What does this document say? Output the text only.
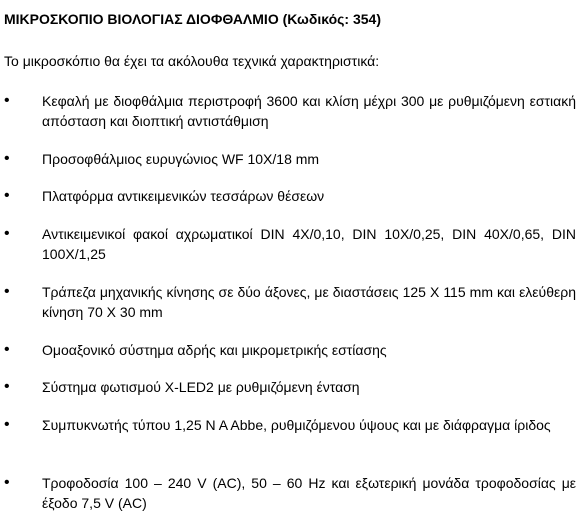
ΜΙΚΡΟΣΚΟΠΙΟ ΒΙΟΛΟΓΙΑΣ ΔΙΟΦΘΑΛΜΙΟ (Κωδικός: 354)

Το μικροσκόπιο θα έχει τα ακόλουθα τεχνικά χαρακτηριστικά:

•	Κεφαλή με διοφθάλμια περιστροφή 3600 και κλίση μέχρι 300 με ρυθμιζόμενη εστιακή απόσταση και διοπτική αντιστάθμιση
•	Προσοφθάλμιος ευρυγώνιος WF 10X/18 mm
•	Πλατφόρμα αντικειμενικών τεσσάρων θέσεων
•	Αντικειμενικοί φακοί αχρωματικοί DIN 4X/0,10, DIN 10X/0,25, DIN 40X/0,65, DIN 100X/1,25
•	Τράπεζα μηχανικής κίνησης σε δύο άξονες, με διαστάσεις 125 Χ 115 mm και ελεύθερη κίνηση 70 Χ 30 mm
•	Ομοαξονικό σύστημα αδρής και μικρομετρικής εστίασης
•	Σύστημα φωτισμού X-LED2 με ρυθμιζόμενη ένταση
•	Συμπυκνωτής τύπου 1,25 N A Abbe, ρυθμιζόμενου ύψους και με διάφραγμα ίριδος
•	Τροφοδοσία 100 – 240 V (AC), 50 – 60 Hz και εξωτερική μονάδα τροφοδοσίας με έξοδο 7,5 V (AC)
